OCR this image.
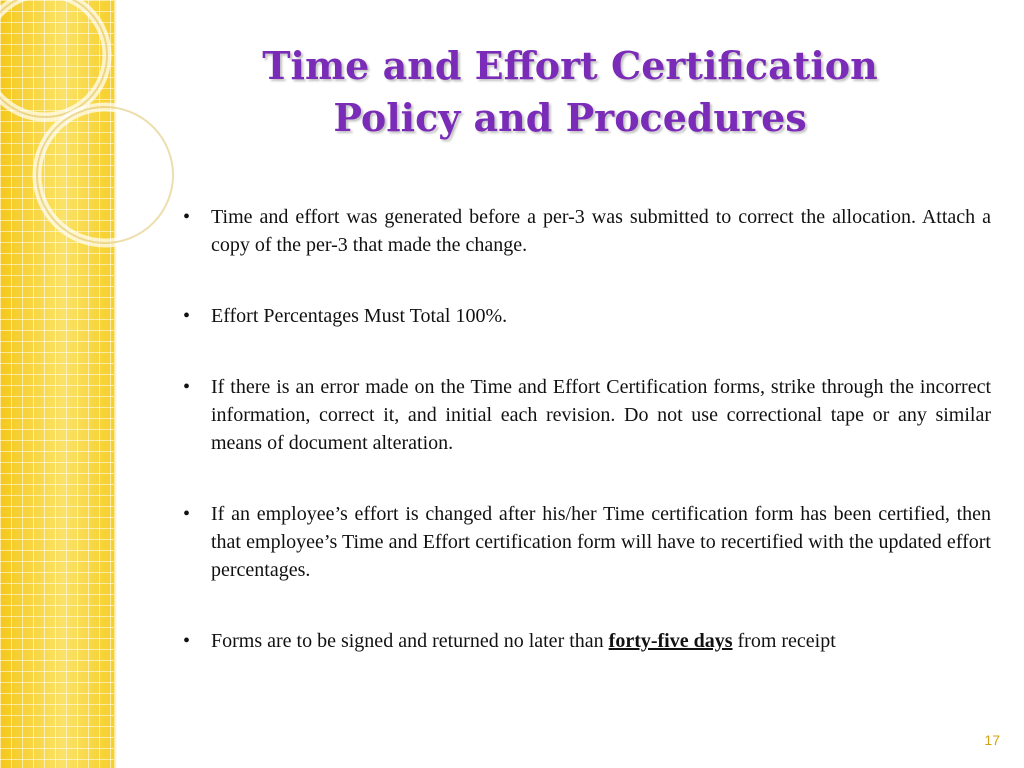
Time and Effort Certification
Policy and Procedures
• Time and effort was generated before a per-3 was submitted to correct the allocation. Attach a copy of the per-3 that made the change.
• Effort Percentages Must Total 100%.
• If there is an error made on the Time and Effort Certification forms, strike through the incorrect information, correct it, and initial each revision. Do not use correctional tape or any similar means of document alteration.
• If an employee’s effort is changed after his/her Time certification form has been certified, then that employee’s Time and Effort certification form will have to recertified with the updated effort percentages.
• Forms are to be signed and returned no later than forty-five days from receipt
17
